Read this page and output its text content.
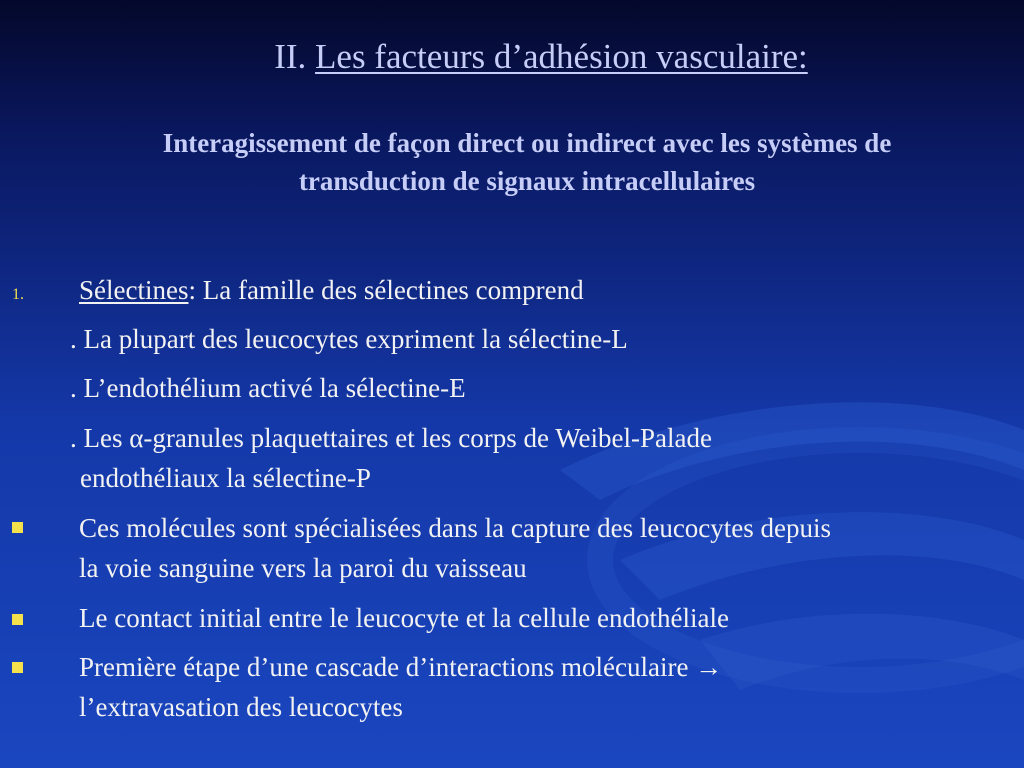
II. Les facteurs d’adhésion vasculaire:
Interagissement de façon direct ou indirect avec les systèmes de
transduction de signaux intracellulaires
1. Sélectines: La famille des sélectines comprend
. La plupart des leucocytes expriment la sélectine-L
. L’endothélium activé la sélectine-E
. Les α-granules plaquettaires et les corps de Weibel-Palade
endothéliaux la sélectine-P
Ces molécules sont spécialisées dans la capture des leucocytes depuis
la voie sanguine vers la paroi du vaisseau
Le contact initial entre le leucocyte et la cellule endothéliale
Première étape d’une cascade d’interactions moléculaire →
l’extravasation des leucocytes
